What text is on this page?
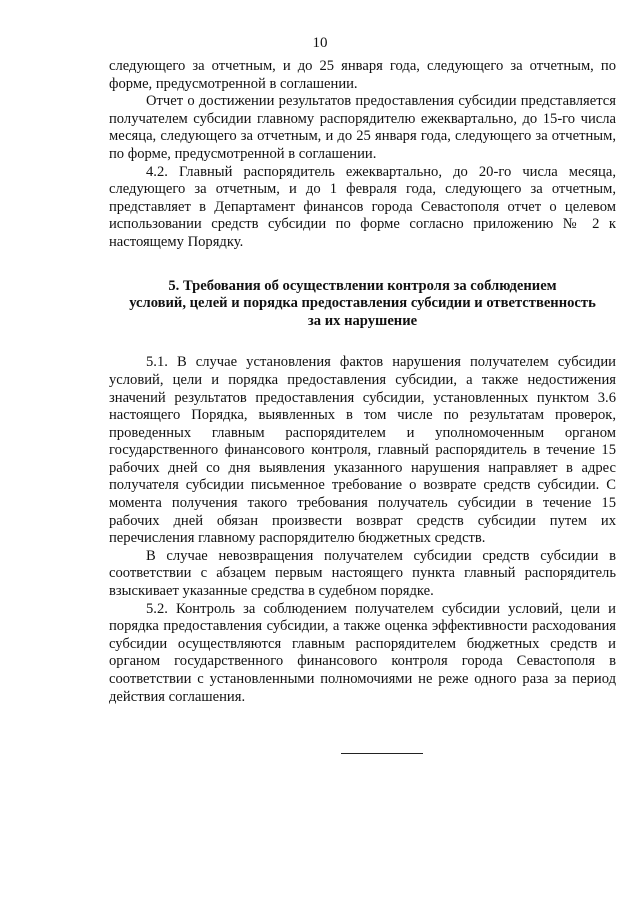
10

следующего за отчетным, и до 25 января года, следующего за отчетным, по форме, предусмотренной в соглашении.

Отчет о достижении результатов предоставления субсидии представляется получателем субсидии главному распорядителю ежеквартально, до 15-го числа месяца, следующего за отчетным, и до 25 января года, следующего за отчетным, по форме, предусмотренной в соглашении.

4.2. Главный распорядитель ежеквартально, до 20-го числа месяца, следующего за отчетным, и до 1 февраля года, следующего за отчетным, представляет в Департамент финансов города Севастополя отчет о целевом использовании средств субсидии по форме согласно приложению № 2 к настоящему Порядку.

5. Требования об осуществлении контроля за соблюдением
условий, целей и порядка предоставления субсидии и ответственность
за их нарушение

5.1. В случае установления фактов нарушения получателем субсидии условий, цели и порядка предоставления субсидии, а также недостижения значений результатов предоставления субсидии, установленных пунктом 3.6 настоящего Порядка, выявленных в том числе по результатам проверок, проведенных главным распорядителем и уполномоченным органом государственного финансового контроля, главный распорядитель в течение 15 рабочих дней со дня выявления указанного нарушения направляет в адрес получателя субсидии письменное требование о возврате средств субсидии. С момента получения такого требования получатель субсидии в течение 15 рабочих дней обязан произвести возврат средств субсидии путем их перечисления главному распорядителю бюджетных средств.

В случае невозвращения получателем субсидии средств субсидии в соответствии с абзацем первым настоящего пункта главный распорядитель взыскивает указанные средства в судебном порядке.

5.2. Контроль за соблюдением получателем субсидии условий, цели и порядка предоставления субсидии, а также оценка эффективности расходования субсидии осуществляются главным распорядителем бюджетных средств и органом государственного финансового контроля города Севастополя в соответствии с установленными полномочиями не реже одного раза за период действия соглашения.
